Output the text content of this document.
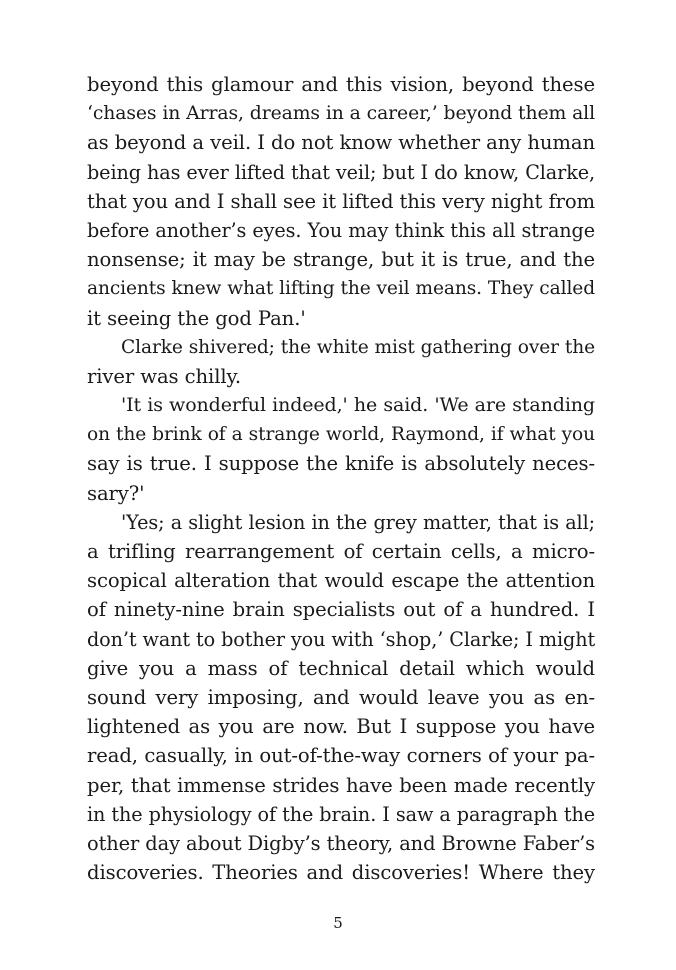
beyond this glamour and this vision, beyond these
‘chases in Arras, dreams in a career,’ beyond them all
as beyond a veil. I do not know whether any human
being has ever lifted that veil; but I do know, Clarke,
that you and I shall see it lifted this very night from
before another’s eyes. You may think this all strange
nonsense; it may be strange, but it is true, and the
ancients knew what lifting the veil means. They called
it seeing the god Pan.'
Clarke shivered; the white mist gathering over the
river was chilly.
'It is wonderful indeed,' he said. 'We are standing
on the brink of a strange world, Raymond, if what you
say is true. I suppose the knife is absolutely neces-
sary?'
'Yes; a slight lesion in the grey matter, that is all;
a trifling rearrangement of certain cells, a micro-
scopical alteration that would escape the attention
of ninety-nine brain specialists out of a hundred. I
don’t want to bother you with ‘shop,’ Clarke; I might
give you a mass of technical detail which would
sound very imposing, and would leave you as en-
lightened as you are now. But I suppose you have
read, casually, in out-of-the-way corners of your pa-
per, that immense strides have been made recently
in the physiology of the brain. I saw a paragraph the
other day about Digby’s theory, and Browne Faber’s
discoveries. Theories and discoveries! Where they
5
